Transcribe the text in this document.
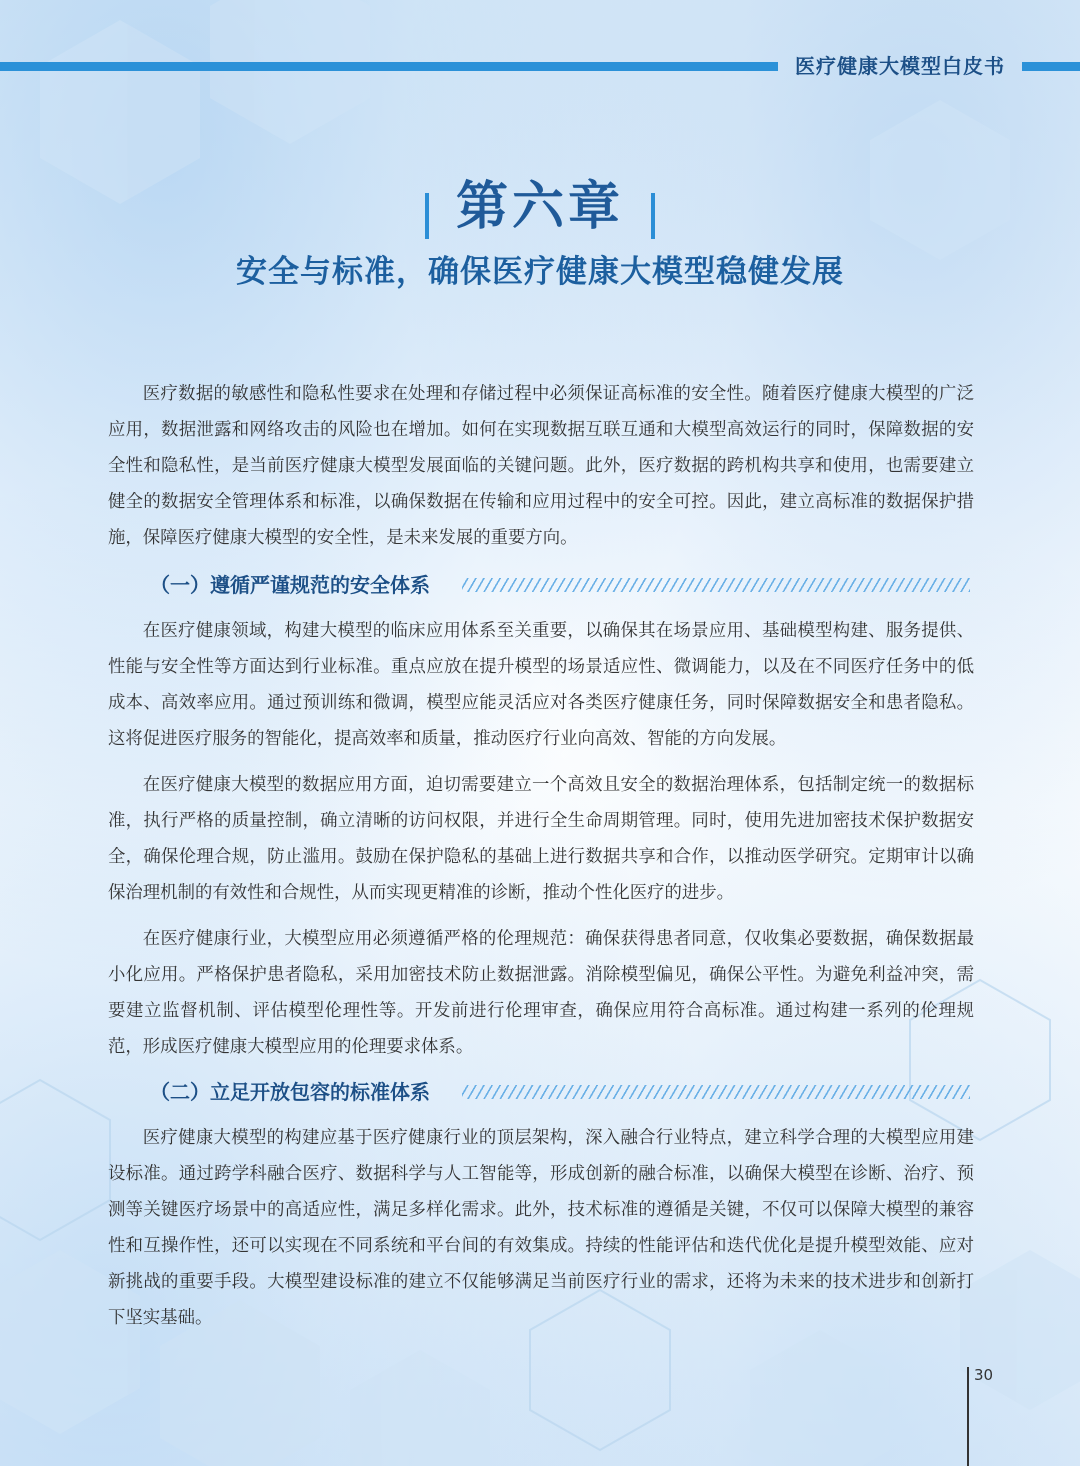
医疗健康大模型白皮书
第六章
安全与标准，确保医疗健康大模型稳健发展

医疗数据的敏感性和隐私性要求在处理和存储过程中必须保证高标准的安全性。随着医疗健康大模型的广泛应用，数据泄露和网络攻击的风险也在增加。如何在实现数据互联互通和大模型高效运行的同时，保障数据的安全性和隐私性，是当前医疗健康大模型发展面临的关键问题。此外，医疗数据的跨机构共享和使用，也需要建立健全的数据安全管理体系和标准，以确保数据在传输和应用过程中的安全可控。因此，建立高标准的数据保护措施，保障医疗健康大模型的安全性，是未来发展的重要方向。

（一）遵循严谨规范的安全体系

在医疗健康领域，构建大模型的临床应用体系至关重要，以确保其在场景应用、基础模型构建、服务提供、性能与安全性等方面达到行业标准。重点应放在提升模型的场景适应性、微调能力，以及在不同医疗任务中的低成本、高效率应用。通过预训练和微调，模型应能灵活应对各类医疗健康任务，同时保障数据安全和患者隐私。这将促进医疗服务的智能化，提高效率和质量，推动医疗行业向高效、智能的方向发展。

在医疗健康大模型的数据应用方面，迫切需要建立一个高效且安全的数据治理体系，包括制定统一的数据标准，执行严格的质量控制，确立清晰的访问权限，并进行全生命周期管理。同时，使用先进加密技术保护数据安全，确保伦理合规，防止滥用。鼓励在保护隐私的基础上进行数据共享和合作，以推动医学研究。定期审计以确保治理机制的有效性和合规性，从而实现更精准的诊断，推动个性化医疗的进步。

在医疗健康行业，大模型应用必须遵循严格的伦理规范：确保获得患者同意，仅收集必要数据，确保数据最小化应用。严格保护患者隐私，采用加密技术防止数据泄露。消除模型偏见，确保公平性。为避免利益冲突，需要建立监督机制、评估模型伦理性等。开发前进行伦理审查，确保应用符合高标准。通过构建一系列的伦理规范，形成医疗健康大模型应用的伦理要求体系。

（二）立足开放包容的标准体系

医疗健康大模型的构建应基于医疗健康行业的顶层架构，深入融合行业特点，建立科学合理的大模型应用建设标准。通过跨学科融合医疗、数据科学与人工智能等，形成创新的融合标准，以确保大模型在诊断、治疗、预测等关键医疗场景中的高适应性，满足多样化需求。此外，技术标准的遵循是关键，不仅可以保障大模型的兼容性和互操作性，还可以实现在不同系统和平台间的有效集成。持续的性能评估和迭代优化是提升模型效能、应对新挑战的重要手段。大模型建设标准的建立不仅能够满足当前医疗行业的需求，还将为未来的技术进步和创新打下坚实基础。

30
